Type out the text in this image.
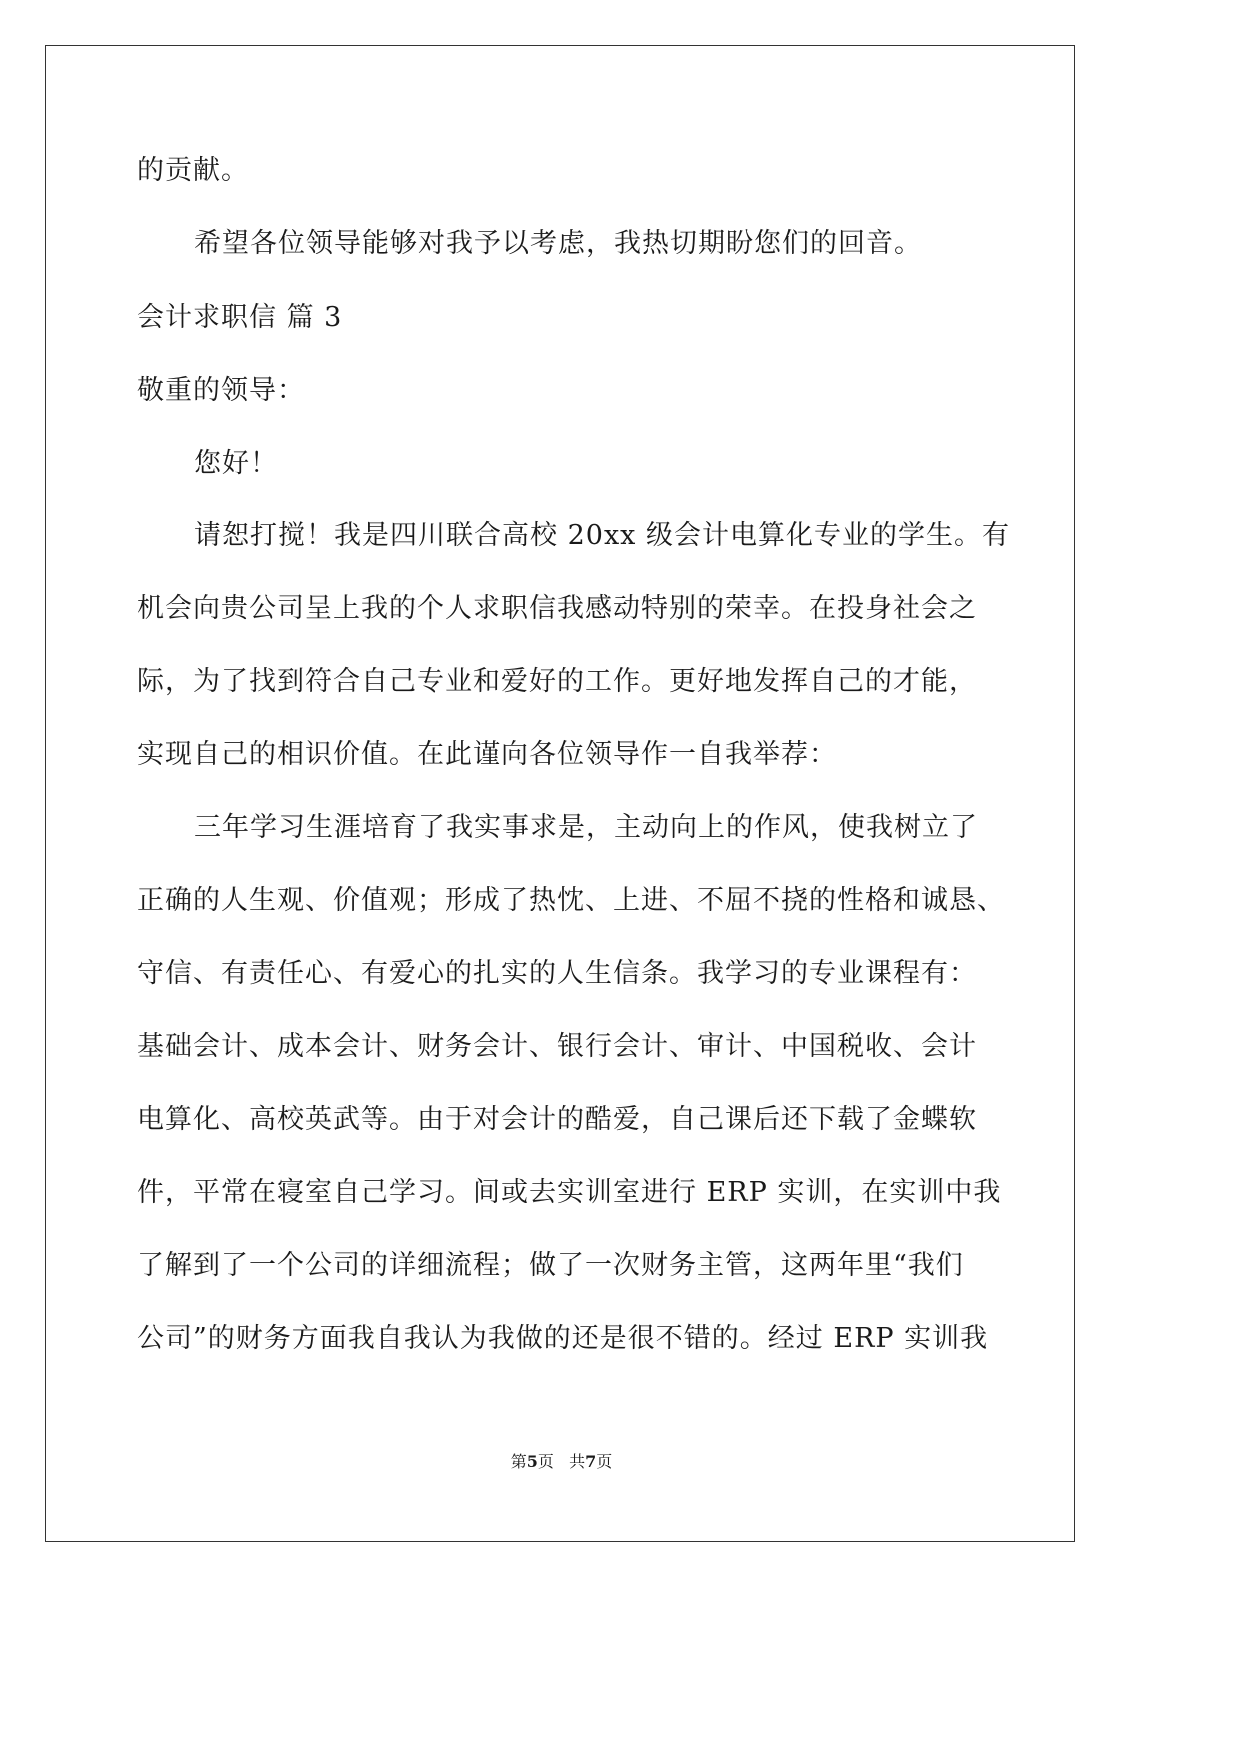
的贡献。
希望各位领导能够对我予以考虑，我热切期盼您们的回音。
会计求职信 篇 3
敬重的领导：
您好！
请恕打搅！我是四川联合高校 20xx 级会计电算化专业的学生。有
机会向贵公司呈上我的个人求职信我感动特别的荣幸。在投身社会之
际，为了找到符合自己专业和爱好的工作。更好地发挥自己的才能，
实现自己的相识价值。在此谨向各位领导作一自我举荐：
三年学习生涯培育了我实事求是，主动向上的作风，使我树立了
正确的人生观、价值观；形成了热忱、上进、不屈不挠的性格和诚恳、
守信、有责任心、有爱心的扎实的人生信条。我学习的专业课程有：
基础会计、成本会计、财务会计、银行会计、审计、中国税收、会计
电算化、高校英武等。由于对会计的酷爱，自己课后还下载了金蝶软
件，平常在寝室自己学习。间或去实训室进行 ERP 实训，在实训中我
了解到了一个公司的详细流程；做了一次财务主管，这两年里“我们
公司”的财务方面我自我认为我做的还是很不错的。经过 ERP 实训我
第5页 共7页
